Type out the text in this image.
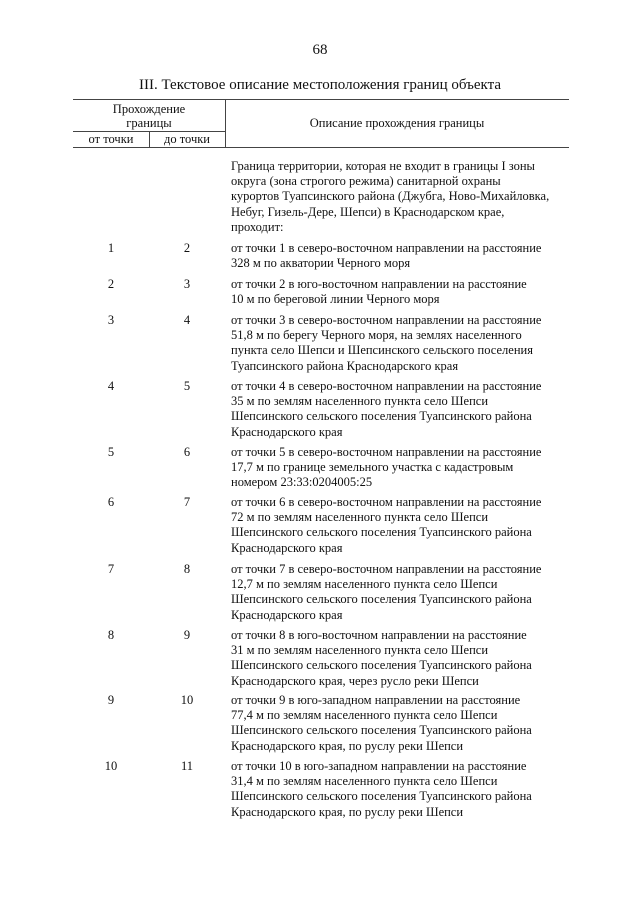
68
III. Текстовое описание местоположения границ объекта
Прохождение
границы
от точки	до точки
Описание прохождения границы
Граница территории, которая не входит в границы I зоны
округа (зона строгого режима) санитарной охраны
курортов Туапсинского района (Джубга, Ново-Михайловка,
Небуг, Гизель-Дере, Шепси) в Краснодарском крае,
проходит:
1	2	от точки 1 в северо-восточном направлении на расстояние
328 м по акватории Черного моря
2	3	от точки 2 в юго-восточном направлении на расстояние
10 м по береговой линии Черного моря
3	4	от точки 3 в северо-восточном направлении на расстояние
51,8 м по берегу Черного моря, на землях населенного
пункта село Шепси и Шепсинского сельского поселения
Туапсинского района Краснодарского края
4	5	от точки 4 в северо-восточном направлении на расстояние
35 м по землям населенного пункта село Шепси
Шепсинского сельского поселения Туапсинского района
Краснодарского края
5	6	от точки 5 в северо-восточном направлении на расстояние
17,7 м по границе земельного участка с кадастровым
номером 23:33:0204005:25
6	7	от точки 6 в северо-восточном направлении на расстояние
72 м по землям населенного пункта село Шепси
Шепсинского сельского поселения Туапсинского района
Краснодарского края
7	8	от точки 7 в северо-восточном направлении на расстояние
12,7 м по землям населенного пункта село Шепси
Шепсинского сельского поселения Туапсинского района
Краснодарского края
8	9	от точки 8 в юго-восточном направлении на расстояние
31 м по землям населенного пункта село Шепси
Шепсинского сельского поселения Туапсинского района
Краснодарского края, через русло реки Шепси
9	10	от точки 9 в юго-западном направлении на расстояние
77,4 м по землям населенного пункта село Шепси
Шепсинского сельского поселения Туапсинского района
Краснодарского края, по руслу реки Шепси
10	11	от точки 10 в юго-западном направлении на расстояние
31,4 м по землям населенного пункта село Шепси
Шепсинского сельского поселения Туапсинского района
Краснодарского края, по руслу реки Шепси
